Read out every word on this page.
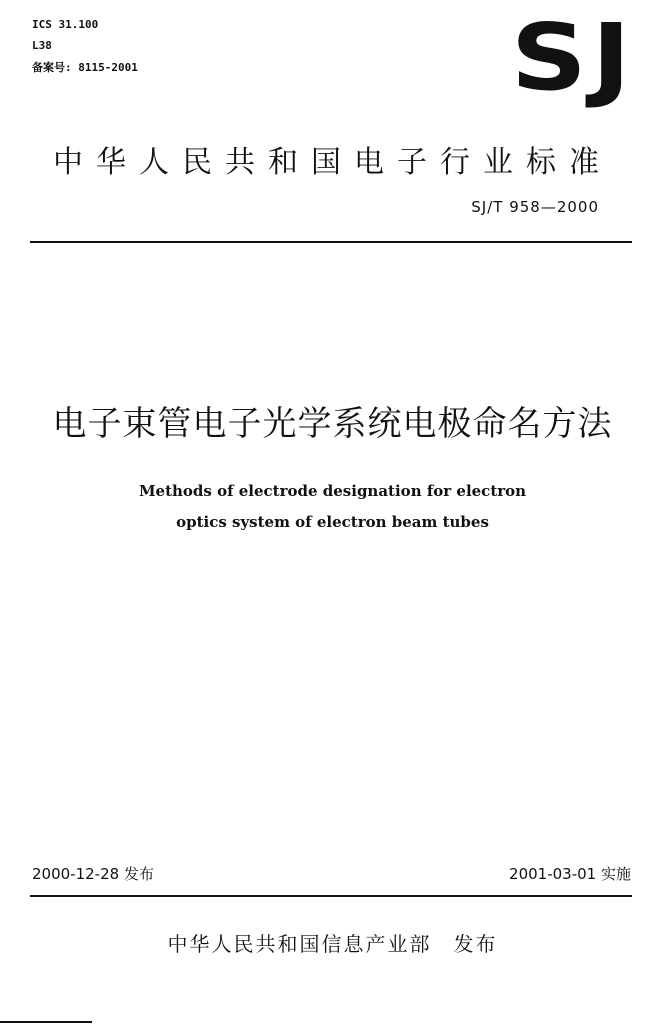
ICS 31.100
L38
备案号: 8115-2001	SJ
中华人民共和国电子行业标准
SJ/T 958—2000
电子束管电子光学系统电极命名方法
Methods of electrode designation for electron
optics system of electron beam tubes
2000-12-28 发布	2001-03-01 实施
中华人民共和国信息产业部 发布
